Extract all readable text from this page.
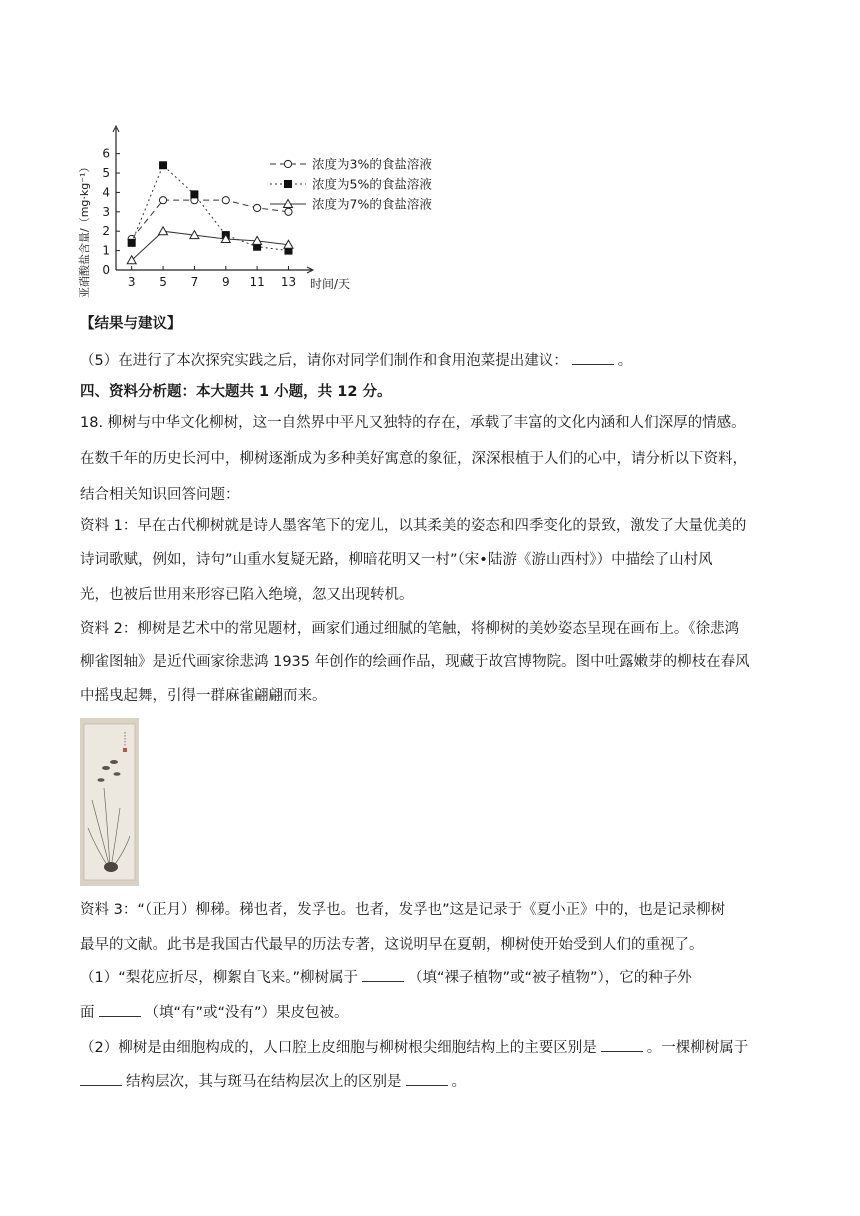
0
1
2
3
4
5
6
3 5 7 9 11 13 时间/天
亚硝酸盐含量/（mg·kg⁻¹）	浓度为3%的食盐溶液
浓度为5%的食盐溶液
浓度为7%的食盐溶液
【结果与建议】
（5）在进行了本次探究实践之后，请你对同学们制作和食用泡菜提出建议：	。
四、资料分析题：本大题共 1 小题，共 12 分。
18. 柳树与中华文化柳树，这一自然界中平凡又独特的存在，承载了丰富的文化内涵和人们深厚的情感。
在数千年的历史长河中，柳树逐渐成为多种美好寓意的象征，深深根植于人们的心中，请分析以下资料，
结合相关知识回答问题：
资料 1：早在古代柳树就是诗人墨客笔下的宠儿，以其柔美的姿态和四季变化的景致，激发了大量优美的
诗词歌赋，例如，诗句”山重水复疑无路，柳暗花明又一村”（宋•陆游《游山西村》）中描绘了山村风
光，也被后世用来形容已陷入绝境，忽又出现转机。
资料 2：柳树是艺术中的常见题材，画家们通过细腻的笔触，将柳树的美妙姿态呈现在画布上。《徐悲鸿
柳雀图轴》是近代画家徐悲鸿 1935 年创作的绘画作品，现藏于故宫博物院。图中吐露嫩芽的柳枝在春风
中摇曳起舞，引得一群麻雀翩翩而来。
资料 3：“（正月）柳稊。稊也者，发孚也。也者，发孚也”这是记录于《夏小正》中的，也是记录柳树
最早的文献。此书是我国古代最早的历法专著，这说明早在夏朝，柳树使开始受到人们的重视了。
（1）“梨花应折尽，柳絮自飞来。”柳树属于	（填“裸子植物”或“被子植物”），它的种子外
面	（填“有”或“没有”）果皮包被。
（2）柳树是由细胞构成的，人口腔上皮细胞与柳树根尖细胞结构上的主要区别是	。一棵柳树属于
结构层次，其与斑马在结构层次上的区别是	。
